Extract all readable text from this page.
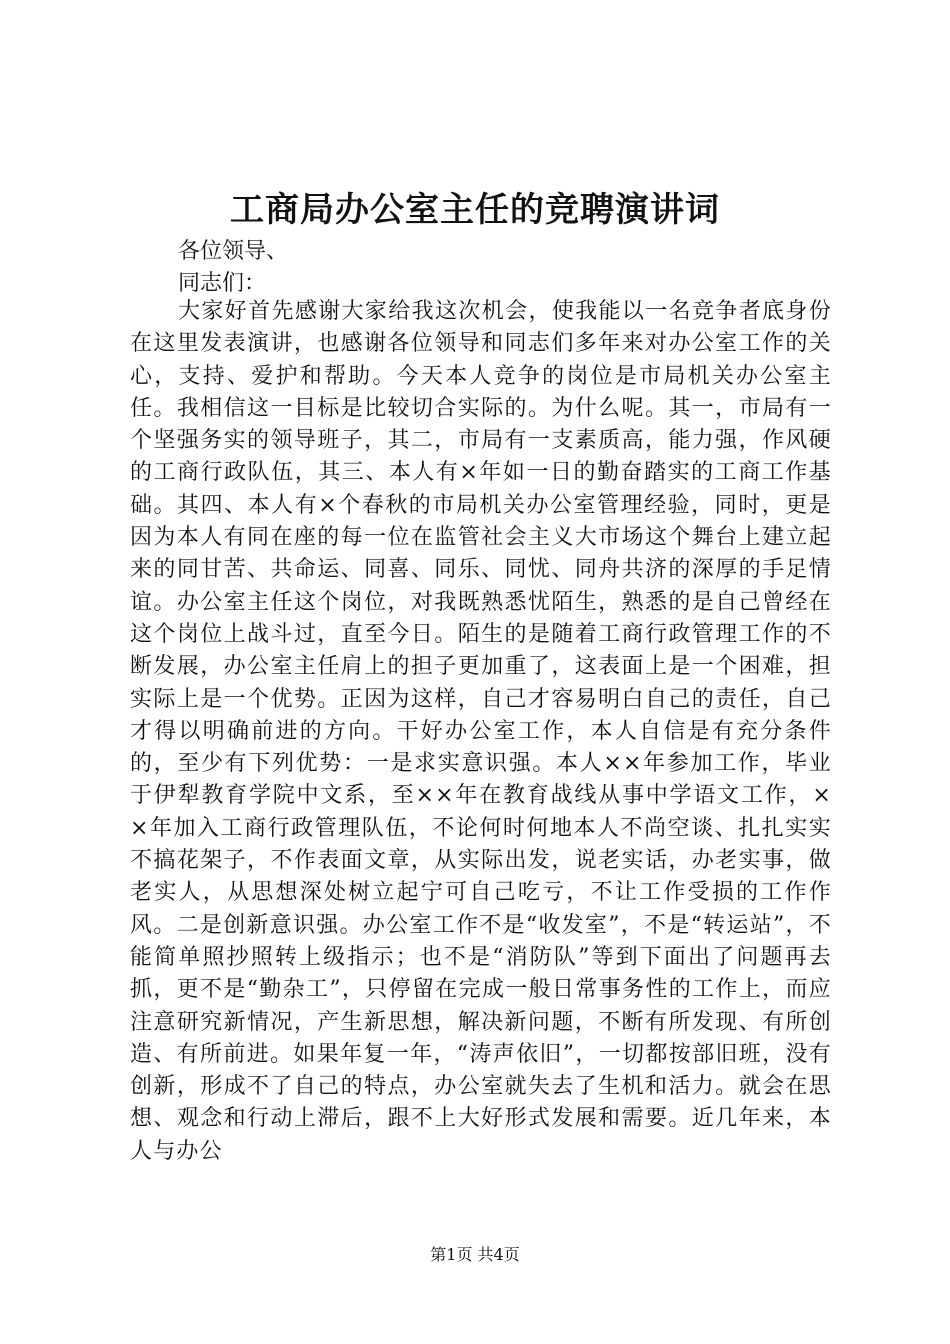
工商局办公室主任的竞聘演讲词

各位领导、

同志们：

大家好首先感谢大家给我这次机会，使我能以一名竞争者底身份在这里发表演讲，也感谢各位领导和同志们多年来对办公室工作的关心，支持、爱护和帮助。今天本人竞争的岗位是市局机关办公室主任。我相信这一目标是比较切合实际的。为什么呢。其一，市局有一个坚强务实的领导班子，其二，市局有一支素质高，能力强，作风硬的工商行政队伍，其三、本人有×年如一日的勤奋踏实的工商工作基础。其四、本人有×个春秋的市局机关办公室管理经验，同时，更是因为本人有同在座的每一位在监管社会主义大市场这个舞台上建立起来的同甘苦、共命运、同喜、同乐、同忧、同舟共济的深厚的手足情谊。办公室主任这个岗位，对我既熟悉忧陌生，熟悉的是自己曾经在这个岗位上战斗过，直至今日。陌生的是随着工商行政管理工作的不断发展，办公室主任肩上的担子更加重了，这表面上是一个困难，担实际上是一个优势。正因为这样，自己才容易明白自己的责任，自己才得以明确前进的方向。干好办公室工作，本人自信是有充分条件的，至少有下列优势：一是求实意识强。本人××年参加工作，毕业于伊犁教育学院中文系，至××年在教育战线从事中学语文工作，××年加入工商行政管理队伍，不论何时何地本人不尚空谈、扎扎实实不搞花架子，不作表面文章，从实际出发，说老实话，办老实事，做老实人，从思想深处树立起宁可自己吃亏，不让工作受损的工作作风。二是创新意识强。办公室工作不是“收发室”，不是“转运站”，不能简单照抄照转上级指示；也不是“消防队”等到下面出了问题再去抓，更不是“勤杂工”，只停留在完成一般日常事务性的工作上，而应注意研究新情况，产生新思想，解决新问题，不断有所发现、有所创造、有所前进。如果年复一年，“涛声依旧”，一切都按部旧班，没有创新，形成不了自己的特点，办公室就失去了生机和活力。就会在思想、观念和行动上滞后，跟不上大好形式发展和需要。近几年来，本人与办公

第1页 共4页
